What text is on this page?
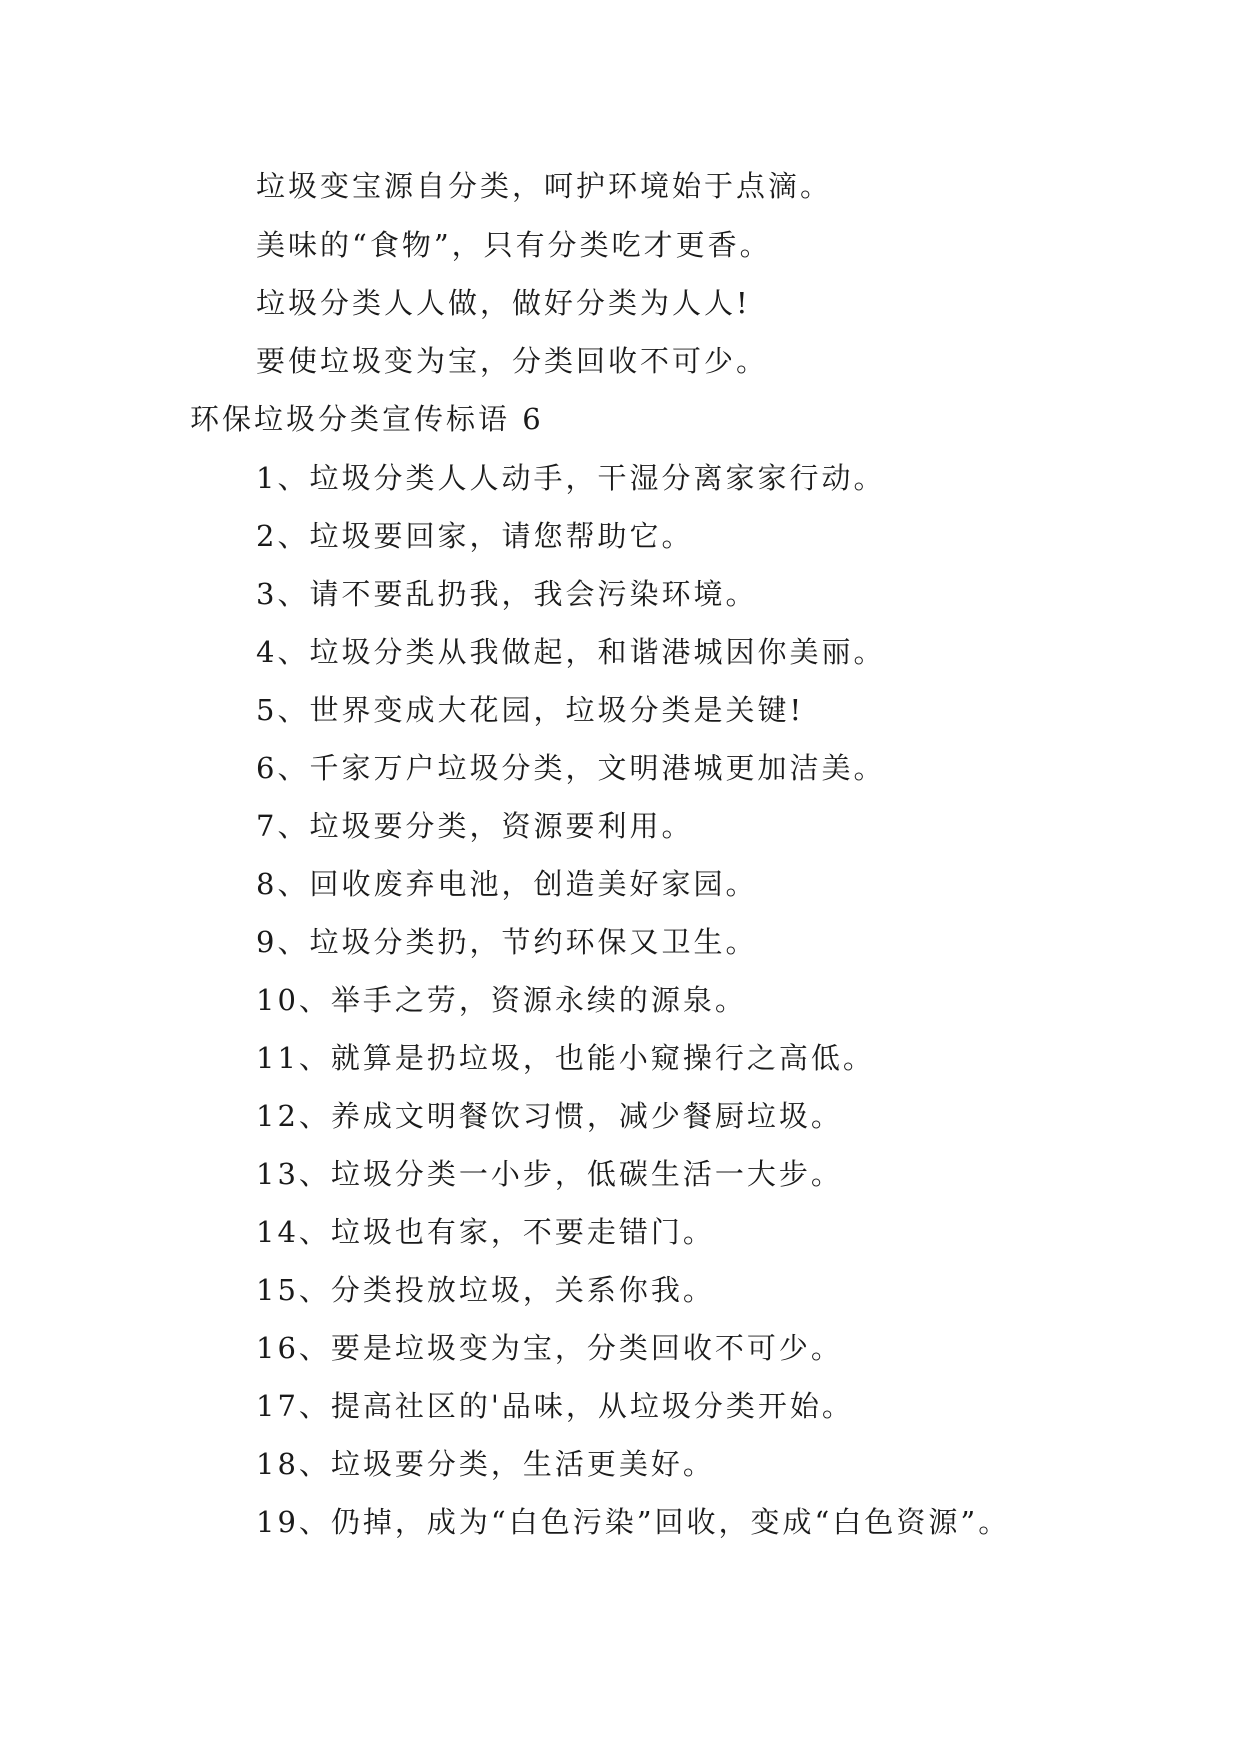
垃圾变宝源自分类，呵护环境始于点滴。
美味的“食物”，只有分类吃才更香。
垃圾分类人人做，做好分类为人人!
要使垃圾变为宝，分类回收不可少。
环保垃圾分类宣传标语 6
1、垃圾分类人人动手，干湿分离家家行动。
2、垃圾要回家，请您帮助它。
3、请不要乱扔我，我会污染环境。
4、垃圾分类从我做起，和谐港城因你美丽。
5、世界变成大花园，垃圾分类是关键!
6、千家万户垃圾分类，文明港城更加洁美。
7、垃圾要分类，资源要利用。
8、回收废弃电池，创造美好家园。
9、垃圾分类扔，节约环保又卫生。
10、举手之劳，资源永续的源泉。
11、就算是扔垃圾，也能小窥操行之高低。
12、养成文明餐饮习惯，减少餐厨垃圾。
13、垃圾分类一小步，低碳生活一大步。
14、垃圾也有家，不要走错门。
15、分类投放垃圾，关系你我。
16、要是垃圾变为宝，分类回收不可少。
17、提高社区的'品味，从垃圾分类开始。
18、垃圾要分类，生活更美好。
19、仍掉，成为“白色污染”回收，变成“白色资源”。
